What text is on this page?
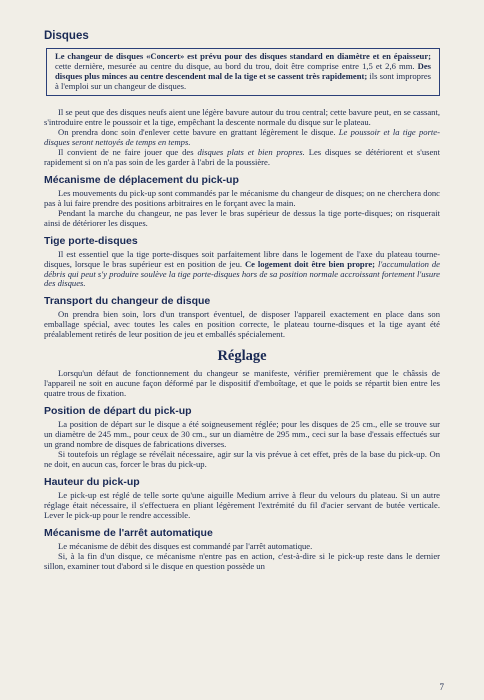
Disques
Le changeur de disques «Concert» est prévu pour des disques standard en diamètre et en épaisseur; cette dernière, mesurée au centre du disque, au bord du trou, doit être comprise entre 1,5 et 2,6 mm. Des disques plus minces au centre descendent mal de la tige et se cassent très rapidement; ils sont impropres à l'emploi sur un changeur de disques.

Il se peut que des disques neufs aient une légère bavure autour du trou central; cette bavure peut, en se cassant, s'introduire entre le poussoir et la tige, empêchant la descente normale du disque sur le plateau.

On prendra donc soin d'enlever cette bavure en grattant légèrement le disque. Le poussoir et la tige porte-disques seront nettoyés de temps en temps.

Il convient de ne faire jouer que des disques plats et bien propres. Les disques se détériorent et s'usent rapidement si on n'a pas soin de les garder à l'abri de la poussière.

Mécanisme de déplacement du pick-up

Les mouvements du pick-up sont commandés par le mécanisme du changeur de disques; on ne cherchera donc pas à lui faire prendre des positions arbitraires en le forçant avec la main.

Pendant la marche du changeur, ne pas lever le bras supérieur de dessus la tige porte-disques; on risquerait ainsi de détériorer les disques.

Tige porte-disques

Il est essentiel que la tige porte-disques soit parfaitement libre dans le logement de l'axe du plateau tourne-disques, lorsque le bras supérieur est en position de jeu. Ce logement doit être bien propre; l'accumulation de débris qui peut s'y produire soulève la tige porte-disques hors de sa position normale accroissant fortement l'usure des disques.

Transport du changeur de disque

On prendra bien soin, lors d'un transport éventuel, de disposer l'appareil exactement en place dans son emballage spécial, avec toutes les cales en position correcte, le plateau tourne-disques et la tige ayant été préalablement retirés de leur position de jeu et emballés spécialement.

Réglage

Lorsqu'un défaut de fonctionnement du changeur se manifeste, vérifier premièrement que le châssis de l'appareil ne soit en aucune façon déformé par le dispositif d'emboîtage, et que le poids se répartit bien entre les quatre trous de fixation.

Position de départ du pick-up

La position de départ sur le disque a été soigneusement réglée; pour les disques de 25 cm., elle se trouve sur un diamètre de 245 mm., pour ceux de 30 cm., sur un diamètre de 295 mm., ceci sur la base d'essais effectués sur un grand nombre de disques de fabrications diverses.

Si toutefois un réglage se révélait nécessaire, agir sur la vis prévue à cet effet, près de la base du pick-up. On ne doit, en aucun cas, forcer le bras du pick-up.

Hauteur du pick-up

Le pick-up est réglé de telle sorte qu'une aiguille Medium arrive à fleur du velours du plateau. Si un autre réglage était nécessaire, il s'effectuera en pliant légèrement l'extrémité du fil d'acier servant de butée verticale. Lever le pick-up pour le rendre accessible.

Mécanisme de l'arrêt automatique

Le mécanisme de débit des disques est commandé par l'arrêt automatique.

Si, à la fin d'un disque, ce mécanisme n'entre pas en action, c'est-à-dire si le pick-up reste dans le dernier sillon, examiner tout d'abord si le disque en question possède un

7
